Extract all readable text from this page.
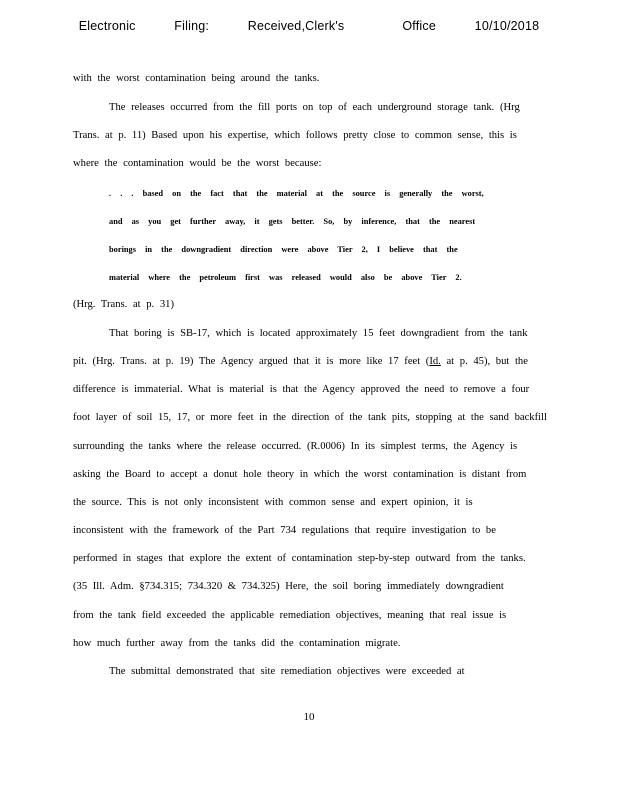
Electronic    Filing:    Received,Clerk's      Office    10/10/2018
with the worst contamination being around the tanks.
The releases occurred from the fill ports on top of each underground storage tank. (Hrg
Trans. at p. 11) Based upon his expertise, which follows pretty close to common sense, this is
where the contamination would be the worst because:
. . . based on the fact that the material at the source is generally the worst,
and as you get further away, it gets better. So, by inference, that the nearest
borings in the downgradient direction were above Tier 2, I believe that the
material where the petroleum first was released would also be above Tier 2.
(Hrg. Trans. at p. 31)
That boring is SB-17, which is located approximately 15 feet downgradient from the tank
pit. (Hrg. Trans. at p. 19) The Agency argued that it is more like 17 feet (Id. at p. 45), but the
difference is immaterial. What is material is that the Agency approved the need to remove a four
foot layer of soil 15, 17, or more feet in the direction of the tank pits, stopping at the sand backfill
surrounding the tanks where the release occurred. (R.0006) In its simplest terms, the Agency is
asking the Board to accept a donut hole theory in which the worst contamination is distant from
the source. This is not only inconsistent with common sense and expert opinion, it is
inconsistent with the framework of the Part 734 regulations that require investigation to be
performed in stages that explore the extent of contamination step-by-step outward from the tanks.
(35 Ill. Adm. §734.315; 734.320 & 734.325) Here, the soil boring immediately downgradient
from the tank field exceeded the applicable remediation objectives, meaning that real issue is
how much further away from the tanks did the contamination migrate.
The submittal demonstrated that site remediation objectives were exceeded at
10
